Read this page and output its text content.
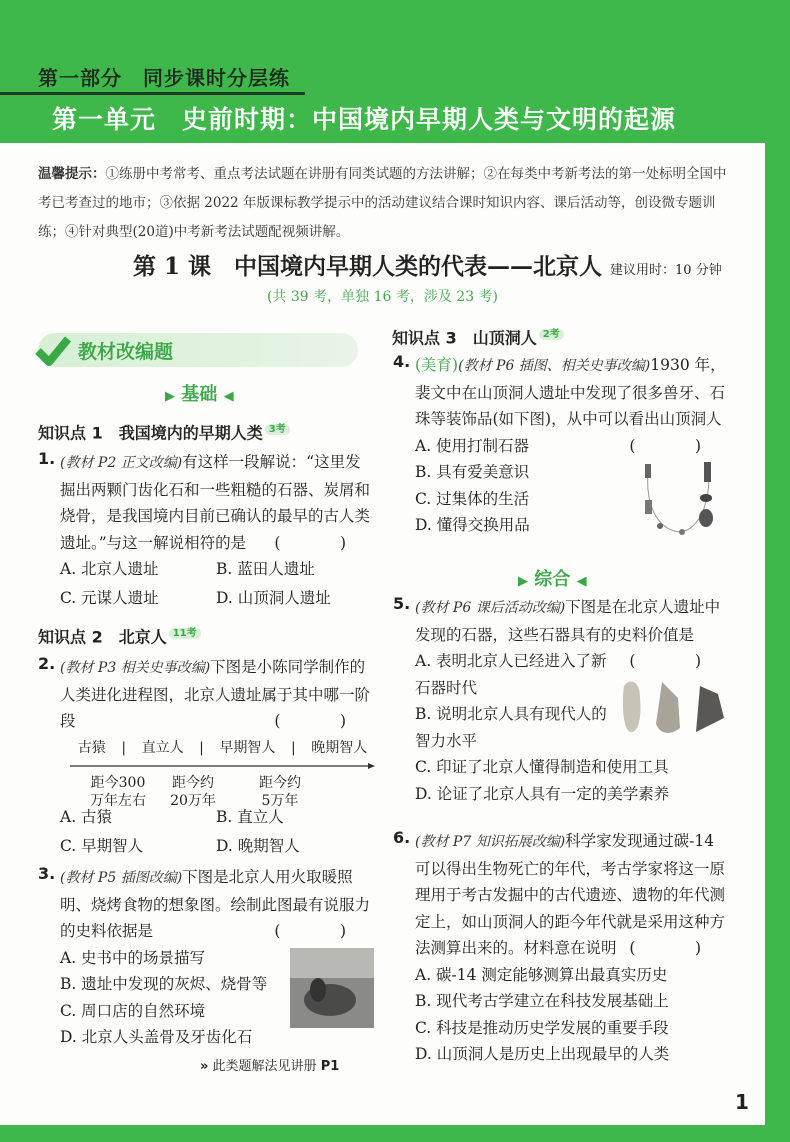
第一部分　同步课时分层练
第一单元　史前时期：中国境内早期人类与文明的起源
温馨提示：①练册中考常考、重点考法试题在讲册有同类试题的方法讲解；②在每类中考新考法的第一处标明全国中考已考查过的地市；③依据 2022 年版课标教学提示中的活动建议结合课时知识内容、课后活动等，创设微专题训练；④针对典型(20道)中考新考法试题配视频讲解。
第 1 课　中国境内早期人类的代表——北京人 建议用时：10 分钟
(共 39 考，单独 16 考，涉及 23 考)
教材改编题
▶ 基础 ◀
知识点 1　我国境内的早期人类 $^{3考}$
1. (教材 P2 正文改编)有这样一段解说：“这里发掘出两颗门齿化石和一些粗糙的石器、炭屑和烧骨，是我国境内目前已确认的最早的古人类遗址。”与这一解说相符的是 (　)
A. 北京人遗址	B. 蓝田人遗址
C. 元谋人遗址	D. 山顶洞人遗址
知识点 2　北京人 $^{11考}$
2. (教材 P3 相关史事改编)下图是小陈同学制作的人类进化进程图，北京人遗址属于其中哪一阶段	(　)
古猿 | 直立人 | 早期智人 | 晚期智人
距今300 万年左右
距今约 20万年
距今约 5万年
A. 古猿	B. 直立人
C. 早期智人	D. 晚期智人
3. (教材 P5 插图改编)下图是北京人用火取暖照明、烧烤食物的想象图。绘制此图最有说服力的史料依据是	(　)
A. 史书中的场景描写
B. 遗址中发现的灰烬、烧骨等
C. 周口店的自然环境
D. 北京人头盖骨及牙齿化石
» 此类题解法见讲册 P1
知识点 3　山顶洞人 $^{2考}$
4. (美育)(教材 P6 插图、相关史事改编)1930 年，裴文中在山顶洞人遗址中发现了很多兽牙、石珠等装饰品(如下图)，从中可以看出山顶洞人
(　)
A. 使用打制石器
B. 具有爱美意识
C. 过集体的生活
D. 懂得交换用品
▶ 综合 ◀
5. (教材 P6 课后活动改编)下图是在北京人遗址中发现的石器，这些石器具有的史料价值是
(　)
A. 表明北京人已经进入了新石器时代
B. 说明北京人具有现代人的智力水平
C. 印证了北京人懂得制造和使用工具
D. 论证了北京人具有一定的美学素养
6. (教材 P7 知识拓展改编)科学家发现通过碳-14 可以得出生物死亡的年代，考古学家将这一原理用于考古发掘中的古代遗迹、遗物的年代测定上，如山顶洞人的距今年代就是采用这种方法测算出来的。材料意在说明 (　)
A. 碳-14 测定能够测算出最真实历史
B. 现代考古学建立在科技发展基础上
C. 科技是推动历史学发展的重要手段
D. 山顶洞人是历史上出现最早的人类
1
